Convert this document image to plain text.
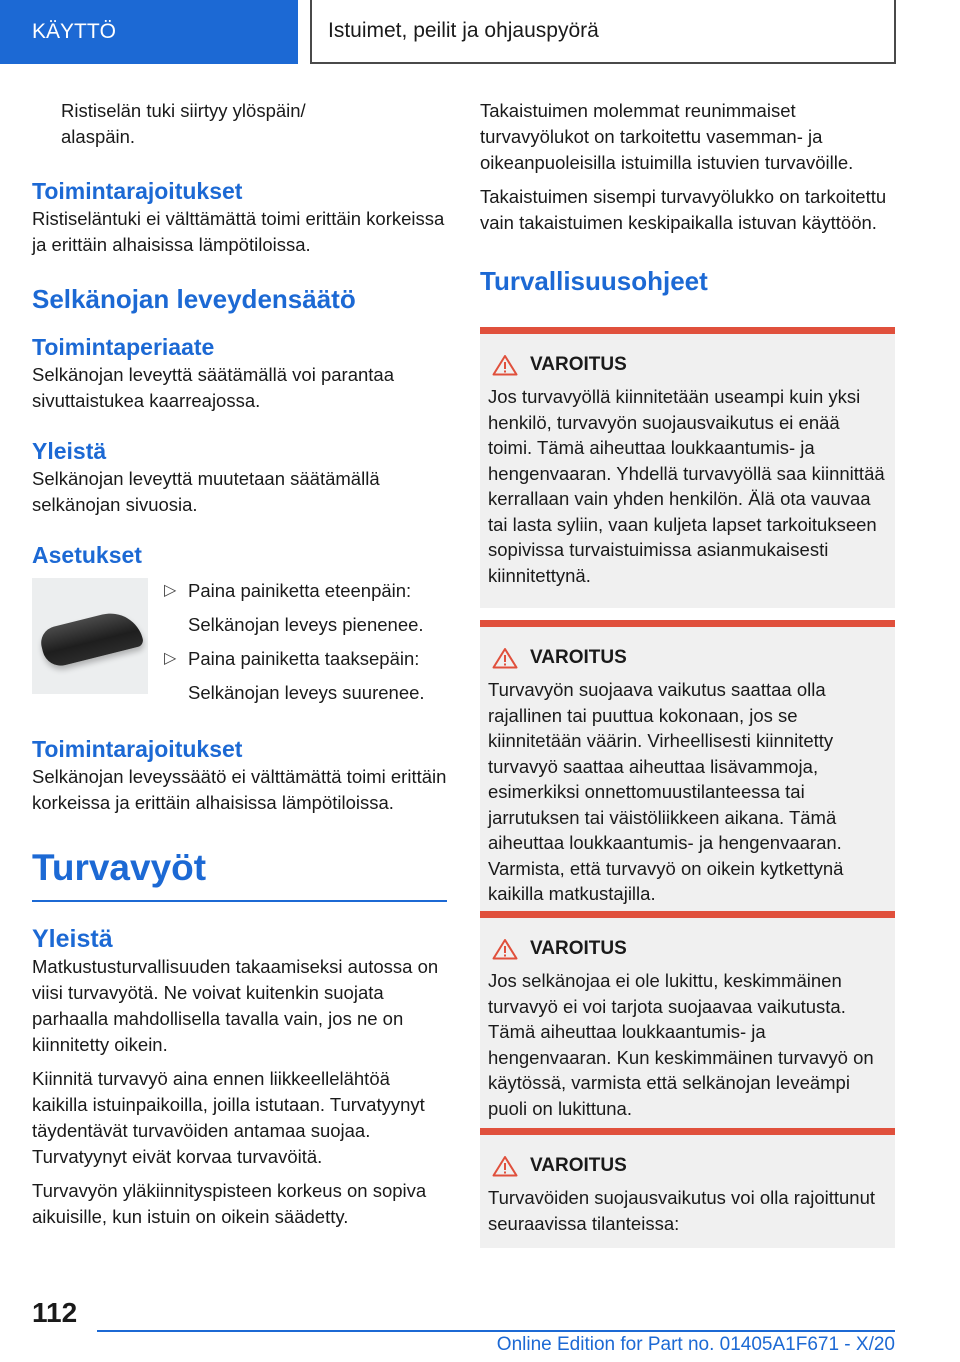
KÄYTTÖ	Istuimet, peilit ja ohjauspyörä

Ristiselän tuki siirtyy ylöspäin/ alaspäin.

Toimintarajoitukset

Ristiseläntuki ei välttämättä toimi erittäin korkeissa ja erittäin alhaisissa lämpötiloissa.

Selkänojan leveydensäätö
Toimintaperiaate

Selkänojan leveyttä säätämällä voi parantaa sivuttaistukea kaarreajossa.

Yleistä

Selkänojan leveyttä muutetaan säätämällä selkänojan sivuosia.

Asetukset
▷ Paina painiketta eteenpäin:
Selkänojan leveys pienenee.
▷ Paina painiketta taaksepäin:
Selkänojan leveys suurenee.
Toimintarajoitukset

Selkänojan leveyssäätö ei välttämättä toimi erittäin korkeissa ja erittäin alhaisissa lämpötiloissa.

Turvavyöt
Yleistä

Matkustusturvallisuuden takaamiseksi autossa on viisi turvavyötä. Ne voivat kuitenkin suojata parhaalla mahdollisella tavalla vain, jos ne on kiinnitetty oikein.

Kiinnitä turvavyö aina ennen liikkeellelähtöä kaikilla istuinpaikoilla, joilla istutaan. Turvatyynyt täydentävät turvavöiden antamaa suojaa. Turvatyynyt eivät korvaa turvavöitä.

Turvavyön yläkiinnityspisteen korkeus on sopiva aikuisille, kun istuin on oikein säädetty.

Takaistuimen molemmat reunimmaiset turvavyölukot on tarkoitettu vasemman- ja oikeanpuoleisilla istuimilla istuvien turvavöille.

Takaistuimen sisempi turvavyölukko on tarkoitettu vain takaistuimen keskipaikalla istuvan käyttöön.

Turvallisuusohjeet
VAROITUS

Jos turvavyöllä kiinnitetään useampi kuin yksi henkilö, turvavyön suojausvaikutus ei enää toimi. Tämä aiheuttaa loukkaantumis- ja hengenvaaran. Yhdellä turvavyöllä saa kiinnittää kerrallaan vain yhden henkilön. Älä ota vauvaa tai lasta syliin, vaan kuljeta lapset tarkoitukseen sopivissa turvaistuimissa asianmukaisesti kiinnitettynä.

VAROITUS

Turvavyön suojaava vaikutus saattaa olla rajallinen tai puuttua kokonaan, jos se kiinnitetään väärin. Virheellisesti kiinnitetty turvavyö saattaa aiheuttaa lisävammoja, esimerkiksi onnettomuustilanteessa tai jarrutuksen tai väistöliikkeen aikana. Tämä aiheuttaa loukkaantumis- ja hengenvaaran. Varmista, että turvavyö on oikein kytkettynä kaikilla matkustajilla.

VAROITUS

Jos selkänojaa ei ole lukittu, keskimmäinen turvavyö ei voi tarjota suojaavaa vaikutusta. Tämä aiheuttaa loukkaantumis- ja hengenvaaran. Kun keskimmäinen turvavyö on käytössä, varmista että selkänojan leveämpi puoli on lukittuna.

VAROITUS

Turvavöiden suojausvaikutus voi olla rajoittunut seuraavissa tilanteissa:

112
Online Edition for Part no. 01405A1F671 - X/20
